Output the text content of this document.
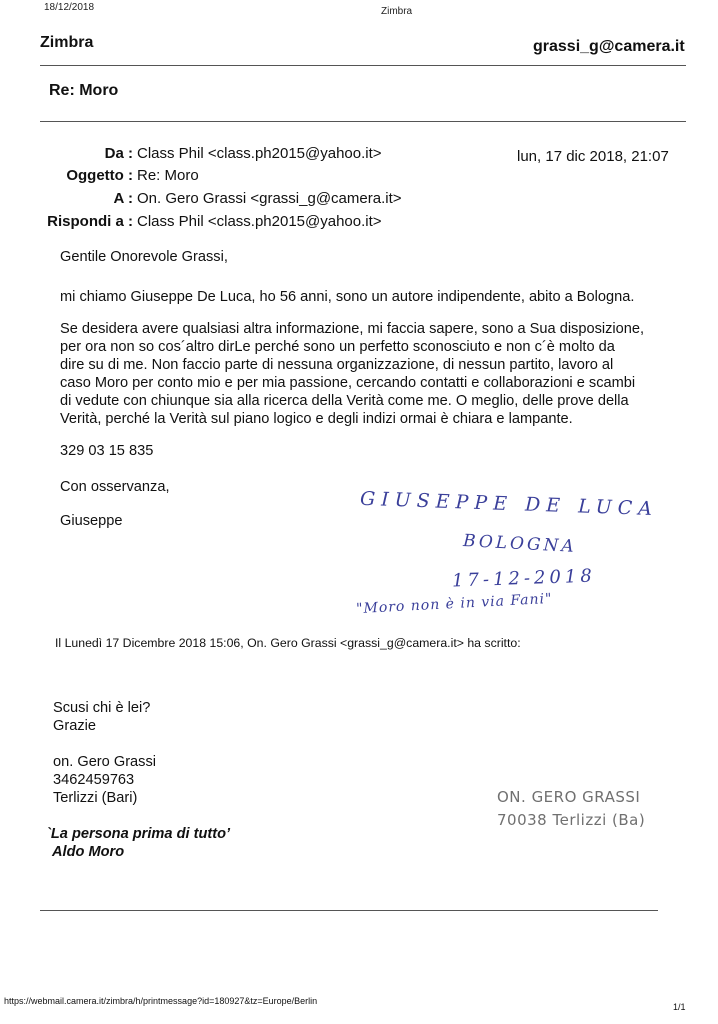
18/12/2018	Zimbra
Zimbra	grassi_g@camera.it
Re: Moro
Da : Class Phil <class.ph2015@yahoo.it>	lun, 17 dic 2018, 21:07
Oggetto : Re: Moro
A : On. Gero Grassi <grassi_g@camera.it>
Rispondi a : Class Phil <class.ph2015@yahoo.it>
Gentile Onorevole Grassi,
mi chiamo Giuseppe De Luca, ho 56 anni, sono un autore indipendente, abito a Bologna.
Se desidera avere qualsiasi altra informazione, mi faccia sapere, sono a Sua disposizione,
per ora non so cos´altro dirLe perché sono un perfetto sconosciuto e non c´è molto da
dire su di me. Non faccio parte di nessuna organizzazione, di nessun partito, lavoro al
caso Moro per conto mio e per mia passione, cercando contatti e collaborazioni e scambi
di vedute con chiunque sia alla ricerca della Verità come me. O meglio, delle prove della
Verità, perché la Verità sul piano logico e degli indizi ormai è chiara e lampante.
329 03 15 835
Con osservanza,
Giuseppe
GIUSEPPE DE LUCA
BOLOGNA
17-12-2018
"Moro non è in via Fani"
Il Lunedì 17 Dicembre 2018 15:06, On. Gero Grassi <grassi_g@camera.it> ha scritto:
Scusi chi è lei?
Grazie
on. Gero Grassi
3462459763
Terlizzi (Bari)
`La persona prima di tutto’
Aldo Moro
ON. GERO GRASSI
70038 Terlizzi (Ba)
https://webmail.camera.it/zimbra/h/printmessage?id=180927&tz=Europe/Berlin
1/1
